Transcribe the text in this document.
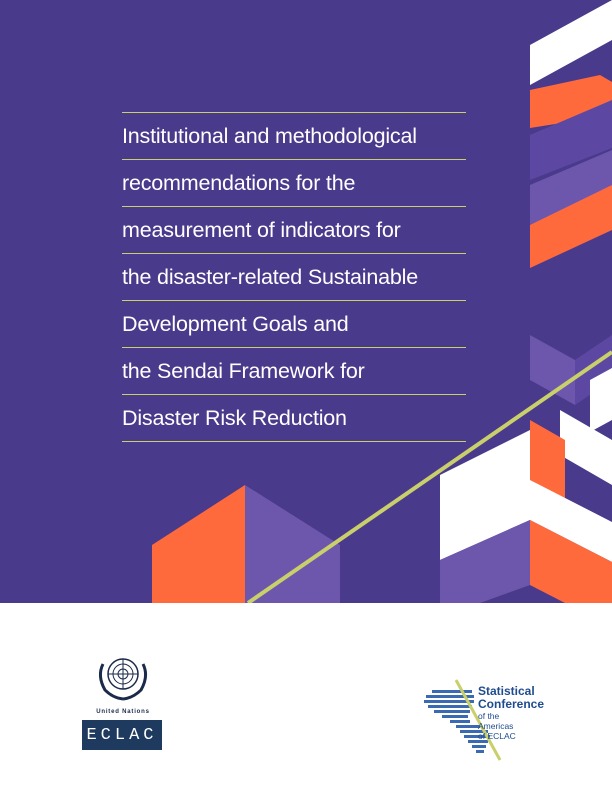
Institutional and methodological
recommendations for the
measurement of indicators for
the disaster-related Sustainable
Development Goals and
the Sendai Framework for
Disaster Risk Reduction
United Nations
ECLAC
Statistical
Conference
of the
Americas
of ECLAC
